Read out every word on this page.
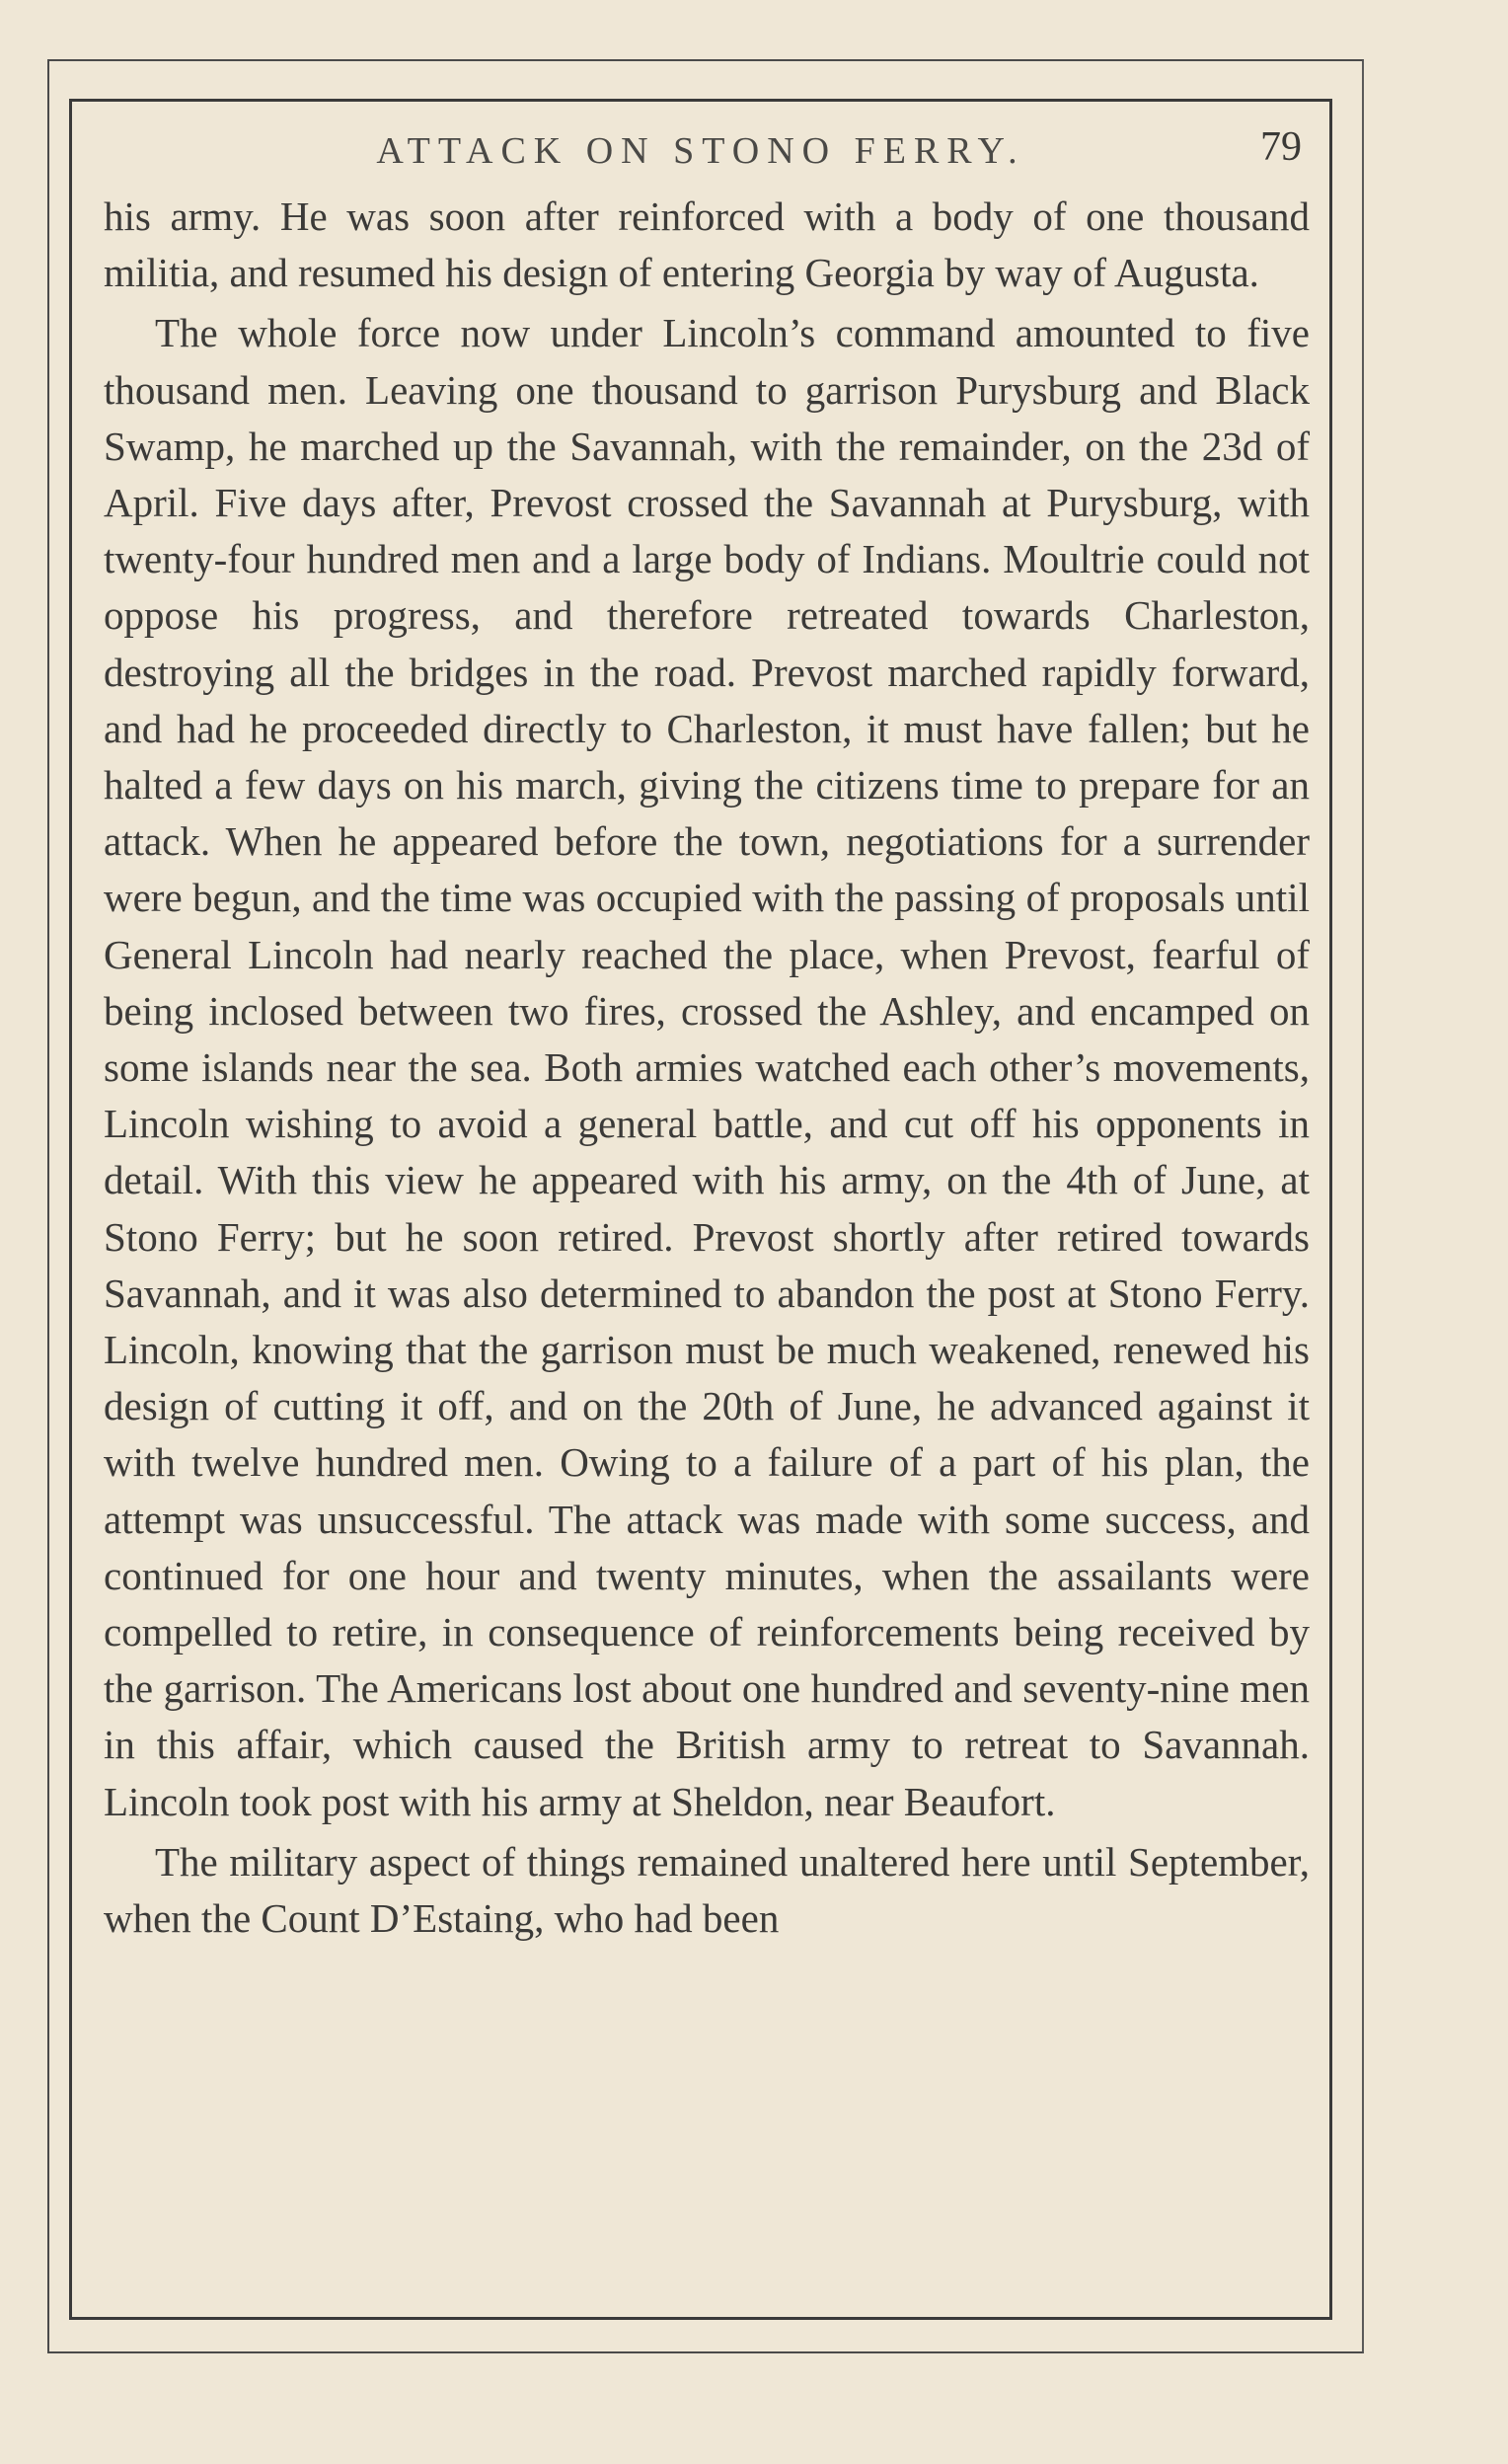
ATTACK ON STONO FERRY.	79

his army. He was soon after reinforced with a body of one thousand militia, and resumed his design of entering Georgia by way of Augusta.

The whole force now under Lincoln’s command amounted to five thousand men. Leaving one thousand to garrison Purysburg and Black Swamp, he marched up the Savannah, with the remainder, on the 23d of April. Five days after, Prevost crossed the Savannah at Purysburg, with twenty-four hundred men and a large body of Indians. Moultrie could not oppose his progress, and therefore retreated towards Charleston, destroying all the bridges in the road. Prevost marched rapidly forward, and had he proceeded directly to Charleston, it must have fallen; but he halted a few days on his march, giving the citizens time to prepare for an attack. When he appeared before the town, negotiations for a surrender were begun, and the time was occupied with the passing of proposals until General Lincoln had nearly reached the place, when Prevost, fearful of being inclosed between two fires, crossed the Ashley, and encamped on some islands near the sea. Both armies watched each other’s movements, Lincoln wishing to avoid a general battle, and cut off his opponents in detail. With this view he appeared with his army, on the 4th of June, at Stono Ferry; but he soon retired. Prevost shortly after retired towards Savannah, and it was also determined to abandon the post at Stono Ferry. Lincoln, knowing that the garrison must be much weakened, renewed his design of cutting it off, and on the 20th of June, he advanced against it with twelve hundred men. Owing to a failure of a part of his plan, the attempt was unsuccessful. The attack was made with some success, and continued for one hour and twenty minutes, when the assailants were compelled to retire, in consequence of reinforcements being received by the garrison. The Americans lost about one hundred and seventy-nine men in this affair, which caused the British army to retreat to Savannah. Lincoln took post with his army at Sheldon, near Beaufort.

The military aspect of things remained unaltered here until September, when the Count D’Estaing, who had been
